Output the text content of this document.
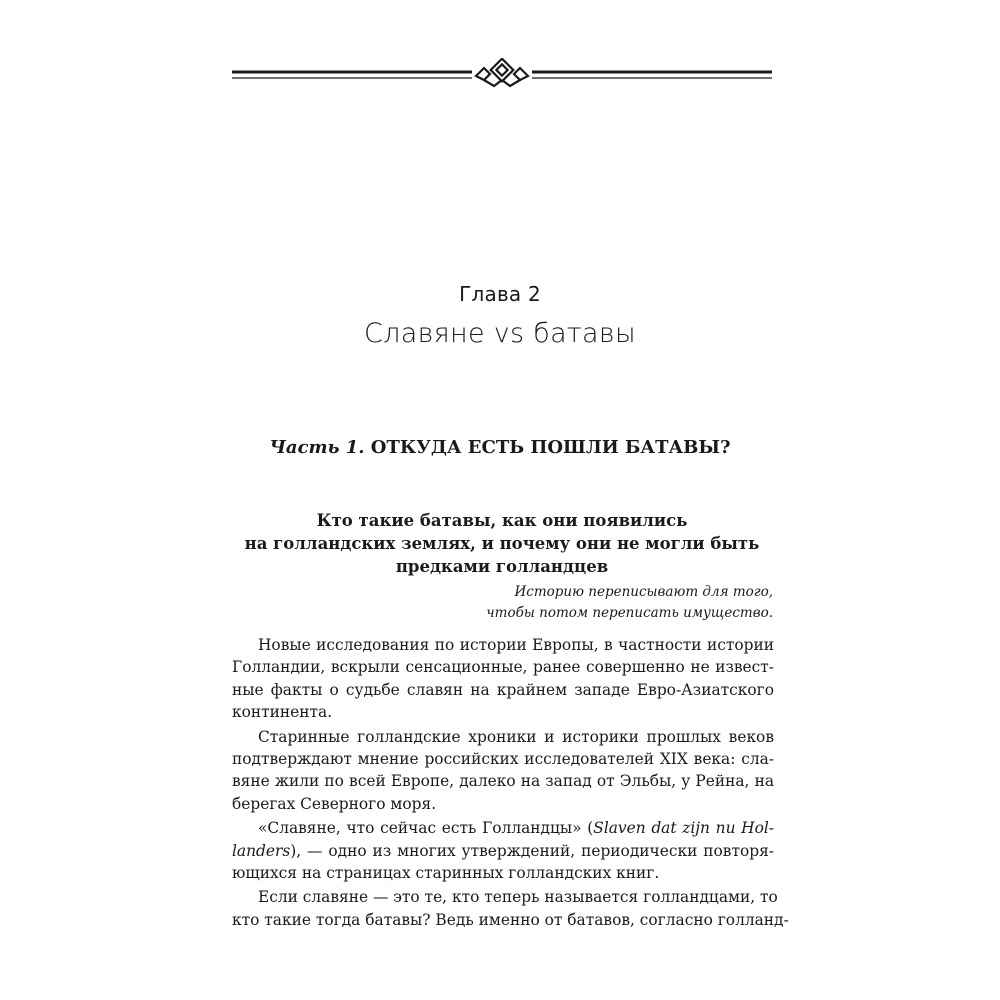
Глава 2
Славяне vs батавы
Часть 1. ОТКУДА ЕСТЬ ПОШЛИ БАТАВЫ?
Кто такие батавы, как они появились
на голландских землях, и почему они не могли быть
предками голландцев
Историю переписывают для того,
чтобы потом переписать имущество.
Новые исследования по истории Европы, в частности истории
Голландии, вскрыли сенсационные, ранее совершенно не извест-
ные факты о судьбе славян на крайнем западе Евро-Азиатского
континента.
Старинные голландские хроники и историки прошлых веков
подтверждают мнение российских исследователей XIX века: сла-
вяне жили по всей Европе, далеко на запад от Эльбы, у Рейна, на
берегах Северного моря.
«Славяне, что сейчас есть Голландцы» (Slaven dat zijn nu Hol-
landers), — одно из многих утверждений, периодически повторя-
ющихся на страницах старинных голландских книг.
Если славяне — это те, кто теперь называется голландцами, то
кто такие тогда батавы? Ведь именно от батавов, согласно голланд-
